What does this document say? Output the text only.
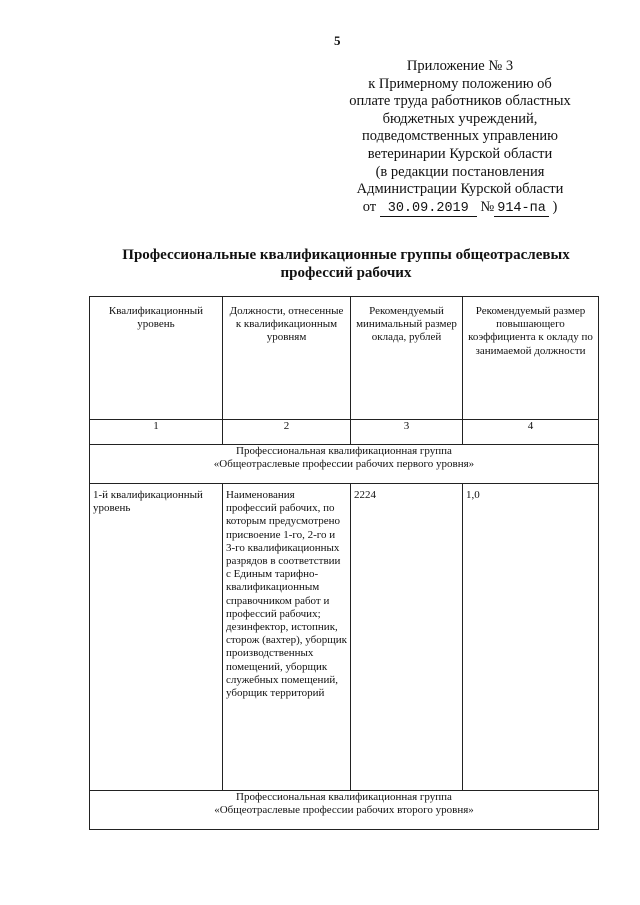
5
Приложение № 3
к Примерному положению об
оплате труда работников областных
бюджетных учреждений,
подведомственных управлению
ветеринарии Курской области
(в редакции постановления
Администрации Курской области
от 30.09.2019 № 914-па )
Профессиональные квалификационные группы общеотраслевых
профессий рабочих
Квалификационный уровень	Должности, отнесенные к квалификационным уровням	Рекомендуемый минимальный размер оклада, рублей	Рекомендуемый размер повышающего коэффициента к окладу по занимаемой должности

1	2	3	4

Профессиональная квалификационная группа
«Общеотраслевые профессии рабочих первого уровня»			

1-й квалификационный уровень	Наименования профессий рабочих, по которым предусмотрено присвоение 1-го, 2-го и 3-го квалификационных разрядов в соответствии с Единым тарифно-квалификационным справочником работ и профессий рабочих; дезинфектор, истопник, сторож (вахтер), уборщик производственных помещений, уборщик служебных помещений, уборщик территорий	2224	1,0

Профессиональная квалификационная группа
«Общеотраслевые профессии рабочих второго уровня»			
